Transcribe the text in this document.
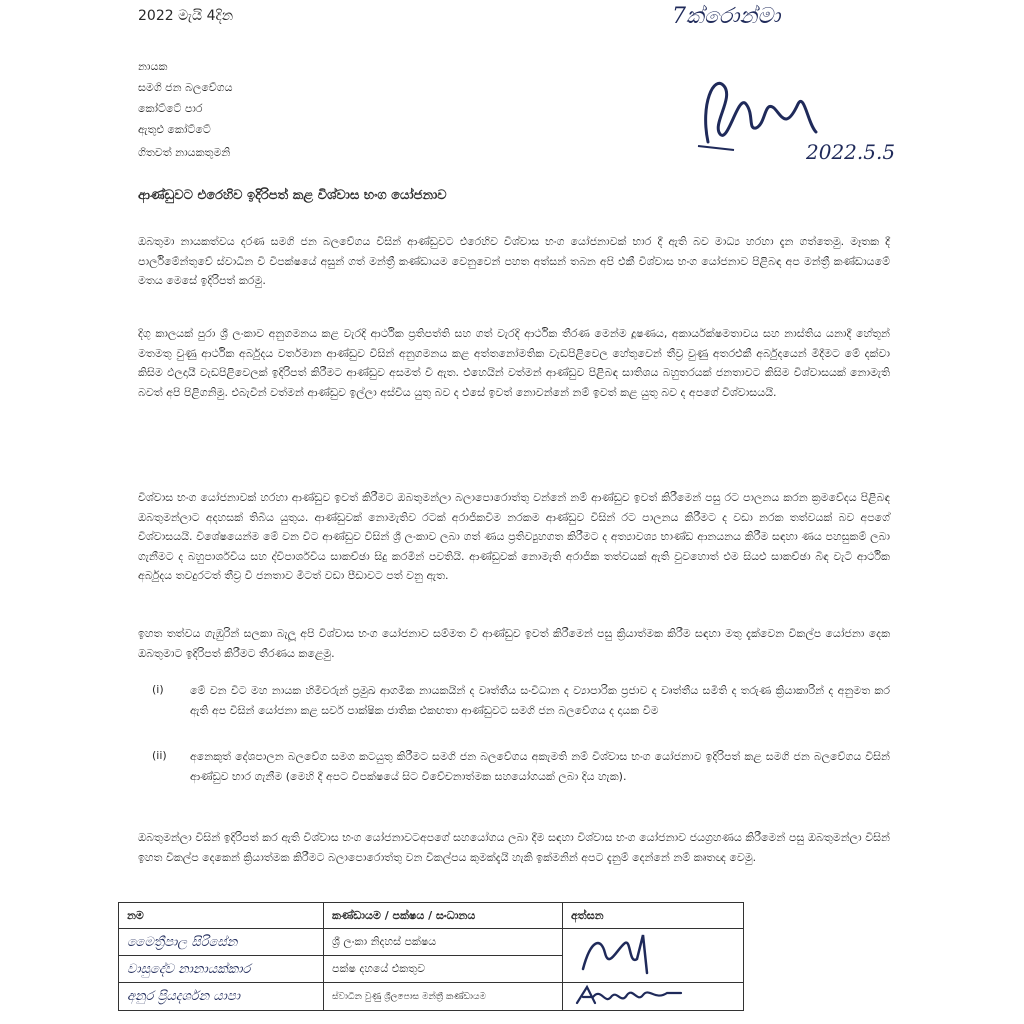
2022 මැයි 4දින
නායක
සමගි ජන බලවේගය
කෝට්ටේ පාර
ඇතුළු කෝට්ටේ
ගිතවත් නායකතුමනි
7ක්රොන්මා
2022.5.5
ආණ්ඩුවට එරෙහිව ඉදිරිපත් කළ විශ්වාස භංග යෝජනාව
ඔබතුමා නායකත්වය දරණ සමගි ජන බලවේගය විසින් ආණ්ඩුවට එරෙහිව විශ්වාස භංග යෝජනාවක් භාර දී ඇති බව මාධ්‍ය හරහා දැන ගත්තෙමු. මෑතක දී පාර්ලිමේන්තුවේ ස්වාධීන වී විපක්ෂයේ අසුන් ගත් මන්ත්‍රී කණ්ඩායම වෙනුවෙන් පහත අත්සන් තබන අපි එකී විශ්වාස භංග යෝජනාව පිළිබඳ අප මන්ත්‍රී කණ්ඩායමේ මතය මෙසේ ඉදිරිපත් කරමු.
දිගු කාලයක් පුරා ශ්‍රී ලංකාව අනුගමනය කළ වැරදි ආර්ථික ප්‍රතිපත්ති සහ ගත් වැරදි ආර්ථික තීරණ මෙන්ම දූෂණය, අකාර්යක්ෂමතාවය සහ නාස්තිය යනාදී හේතූන් මතමතු වුණු ආර්ථික අර්බුදය වර්තමාන ආණ්ඩුව විසින් අනුගමනය කළ අත්තනෝමතික වැඩපිළිවෙල හේතුවෙන් තීව්‍ර වුණු අතරඑකී අර්බුදයෙන් මිදීමට මේ දක්වා කිසිම ඵලදායී වැඩපිළිවෙලක් ඉදිරිපත් කිරීමට ආණ්ඩුව අසමත් වී ඇත. එහෙයින් වත්මන් ආණ්ඩුව පිළිබඳ සාතිශය බහුතරයක් ජනතාවට කිසිම විශ්වාසයක් නොමැති බවත් අපි පිළිගනිමු. එබැවින් වත්මන් ආණ්ඩුව ඉල්ලා අස්විය යුතු බව ද එසේ ඉවත් නොවන්නේ නම් ඉවත් කළ යුතු බව ද අපගේ විශ්වාසයයි.
විශ්වාස භංග යෝජනාවක් හරහා ආණ්ඩුව ඉවත් කිරීමට ඔබතුමන්ලා බලාපොරොත්තු වන්නේ නම් ආණ්ඩුව ඉවත් කිරීමෙන් පසු රට පාලනය කරන ක්‍රමවේදය පිළිබඳ ඔබතුමන්ලාට අදහසක් තිබිය යුතුය. ආණ්ඩුවක් නොමැතිව රටක් අරාජිකවීම නරකම ආණ්ඩුව විසින් රට පාලනය කිරීමට ද වඩා නරක තත්වයක් බව අපගේ විශ්වාසයයි. විශේෂයෙන්ම මේ වන විට ආණ්ඩුව විසින් ශ්‍රී ලංකාව ලබා ගත් ණය ප්‍රතිව්‍යුහගත කිරීමට ද අත්‍යාවශ්‍ය භාණ්ඩ ආනයනය කිරීම සඳහා ණය පහසුකම් ලබා ගැනීමට ද බහුපාර්ශවීය සහ ද්විපාර්ශවීය සාකච්ඡා සිදු කරමින් පවතියි. ආණ්ඩුවක් නොමැති අරාජික තත්වයක් ඇති වුවහොත් එම සියළු සාකච්ඡා බිඳ වැටී ආර්ථික අර්බුදය තවදුරටත් තීව්‍ර වී ජනතාව මීටත් වඩා පීඩාවට පත් වනු ඇත.
ඉහත තත්වය ගැඹුරින් සලකා බැලූ අපි විශ්වාස භංග යෝජනාව සම්මත වී ආණ්ඩුව ඉවත් කිරීමෙන් පසු ක්‍රියාත්මක කිරීම සඳහා මතු දැක්වෙන විකල්ප යෝජනා දෙක ඔබතුමාට ඉදිරිපත් කිරීමට තීරණය කළෙමු.
(i) මේ වන විට මහ නායක හිමිවරුන් ප්‍රමුඛ ආගමික නායකයින් ද වෘත්තීය සංවිධාන ද ව්‍යාපාරික ප්‍රජාව ද වෘත්තීය සමිති ද තරුණ ක්‍රියාකාරින් ද අනුමත කර ඇති අප විසින් යෝජනා කළ සර්ව පාක්ෂික ජාතික එකඟතා ආණ්ඩුවට සමගි ජන බලවේගය ද දායක වීම
(ii) අනෙකුත් දේශපාලන බලවේග සමග කටයුතු කිරීමට සමගි ජන බලවේගය අකැමති නම් විශ්වාස භංග යෝජනාව ඉදිරිපත් කළ සමගි ජන බලවේගය විසින් ආණ්ඩුව භාර ගැනීම (මෙහි දී අපට විපක්ෂයේ සිට විවේචනාත්මක සහයෝගයක් ලබා දිය හැක).
ඔබතුමන්ලා විසින් ඉදිරිපත් කර ඇති විශ්වාස භංග යෝජනාවටඅපගේ සහයෝගය ලබා දීම සඳහා විශ්වාස භංග යෝජනාව ජයග්‍රහණය කිරීමෙන් පසු ඔබතුමන්ලා විසින් ඉහත විකල්ප දෙකෙන් ක්‍රියාත්මක කිරීමට බලාපොරොත්තු වන විකල්පය කුමක්දැයි හැකි ඉක්මනින් අපට දැනුම් දෙන්නේ නම් කෘතඥ වෙමු.
නම	කණ්ඩායම / පක්ෂය / සංධානය	අත්සන
මෛත්‍රීපාල සිරිසේන	ශ්‍රී ලංකා නිදහස් පක්ෂය	
වාසුදේව නානායක්කාර	පක්ෂ දහයේ එකතුව	
අනුර ප්‍රියදර්ශන යාපා	ස්වාධීන වුණු ශ්‍රීලපොස මන්ත්‍රී කණ්ඩායම	
